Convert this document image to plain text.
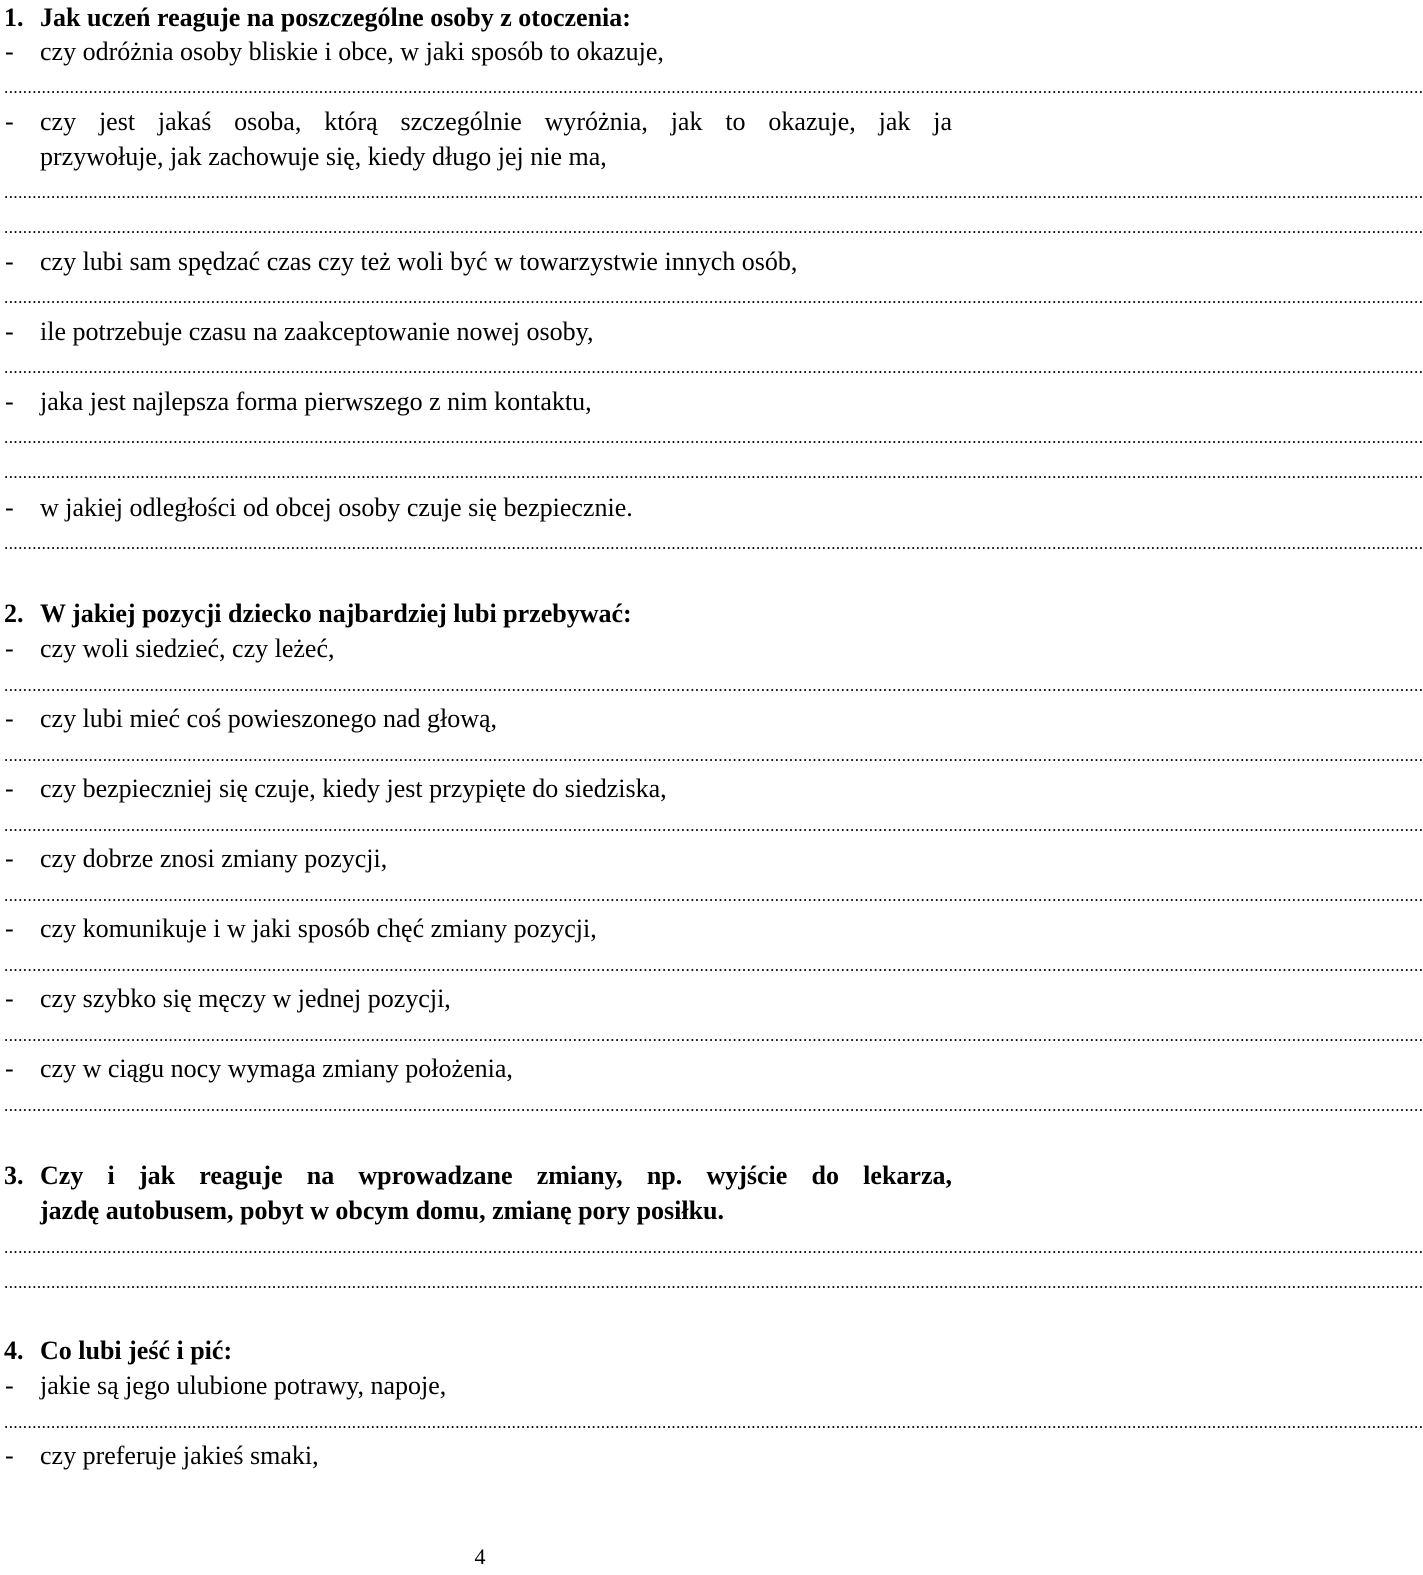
1. Jak uczeń reaguje na poszczególne osoby z otoczenia:
- czy odróżnia osoby bliskie i obce, w jaki sposób to okazuje,
..............................................................................................................................................................................................................................................................................................................
- czy jest jakaś osoba, którą szczególnie wyróżnia, jak to okazuje, jak ja
przywołuje, jak zachowuje się, kiedy długo jej nie ma,
..............................................................................................................................................................................................................................................................................................................
..............................................................................................................................................................................................................................................................................................................
- czy lubi sam spędzać czas czy też woli być w towarzystwie innych osób,
..............................................................................................................................................................................................................................................................................................................
- ile potrzebuje czasu na zaakceptowanie nowej osoby,
..............................................................................................................................................................................................................................................................................................................
- jaka jest najlepsza forma pierwszego z nim kontaktu,
..............................................................................................................................................................................................................................................................................................................
..............................................................................................................................................................................................................................................................................................................
- w jakiej odległości od obcej osoby czuje się bezpiecznie.
..............................................................................................................................................................................................................................................................................................................
2. W jakiej pozycji dziecko najbardziej lubi przebywać:
- czy woli siedzieć, czy leżeć,
..............................................................................................................................................................................................................................................................................................................
- czy lubi mieć coś powieszonego nad głową,
..............................................................................................................................................................................................................................................................................................................
- czy bezpieczniej się czuje, kiedy jest przypięte do siedziska,
..............................................................................................................................................................................................................................................................................................................
- czy dobrze znosi zmiany pozycji,
..............................................................................................................................................................................................................................................................................................................
- czy komunikuje i w jaki sposób chęć zmiany pozycji,
..............................................................................................................................................................................................................................................................................................................
- czy szybko się męczy w jednej pozycji,
..............................................................................................................................................................................................................................................................................................................
- czy w ciągu nocy wymaga zmiany położenia,
..............................................................................................................................................................................................................................................................................................................
3. Czy i jak reaguje na wprowadzane zmiany, np. wyjście do lekarza,
jazdę autobusem, pobyt w obcym domu, zmianę pory posiłku.
..............................................................................................................................................................................................................................................................................................................
..............................................................................................................................................................................................................................................................................................................
4. Co lubi jeść i pić:
- jakie są jego ulubione potrawy, napoje,
..............................................................................................................................................................................................................................................................................................................
- czy preferuje jakieś smaki,
4
